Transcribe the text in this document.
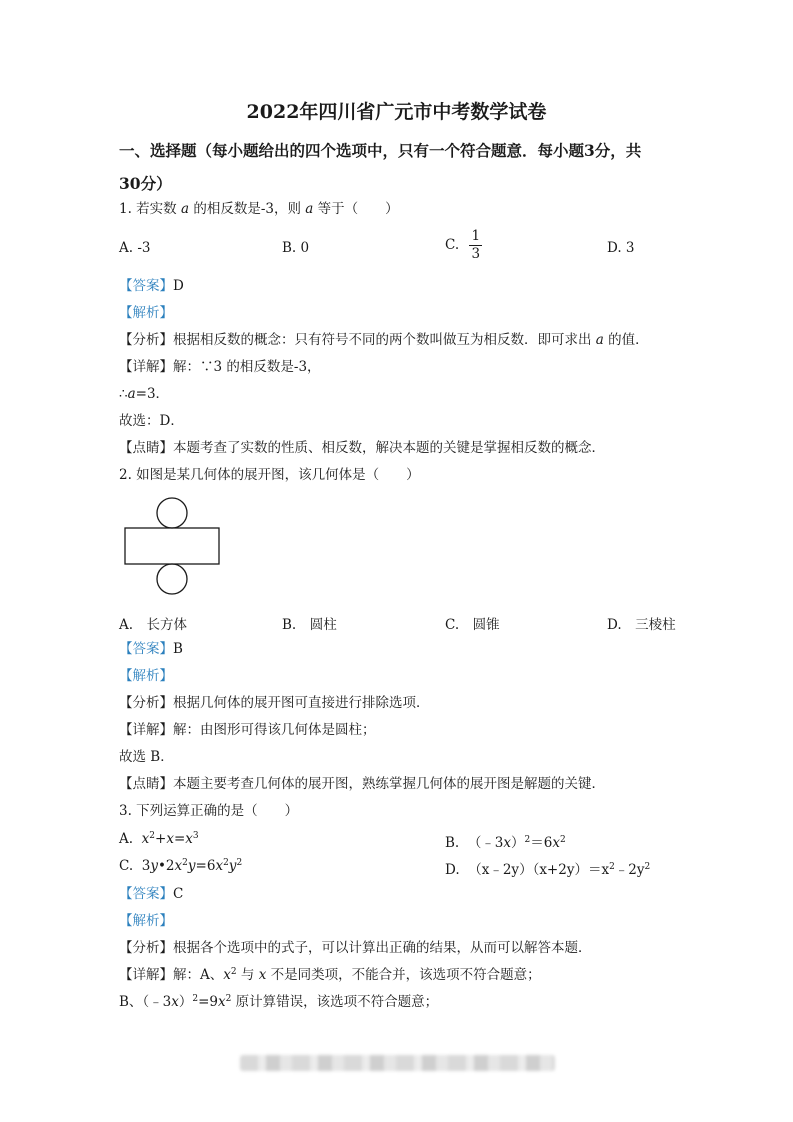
2022年四川省广元市中考数学试卷
一、选择题（每小题给出的四个选项中，只有一个符合题意．每小题3分，共
30分）
1. 若实数 a 的相反数是-3，则 a 等于（　　）
A. -3	B. 0	C. $\frac{1}{3}$	D. 3
【答案】D
【解析】
【分析】根据相反数的概念：只有符号不同的两个数叫做互为相反数．即可求出 a 的值．
【详解】解：∵3 的相反数是-3，
∴a=3．
故选：D．
【点睛】本题考查了实数的性质、相反数，解决本题的关键是掌握相反数的概念．
2. 如图是某几何体的展开图，该几何体是（　　）
A.　长方体	B.　圆柱	C.　圆锥	D.　三棱柱
【答案】B
【解析】
【分析】根据几何体的展开图可直接进行排除选项．
【详解】解：由图形可得该几何体是圆柱；
故选 B．
【点睛】本题主要考查几何体的展开图，熟练掌握几何体的展开图是解题的关键．
3. 下列运算正确的是（　　）
A. $x^2+x=x^3$	B. $(﹣3x)^2=6x^2$
C. $3y•2x^2y=6x^2y^2$	D. $(x﹣2y)(x+2y)=x^2﹣2y^2$
【答案】C
【解析】
【分析】根据各个选项中的式子，可以计算出正确的结果，从而可以解答本题．
【详解】解：A、$x^2$ 与 x 不是同类项，不能合并，该选项不符合题意；
B、$(﹣3x)^2=9x^2$ 原计算错误，该选项不符合题意；
